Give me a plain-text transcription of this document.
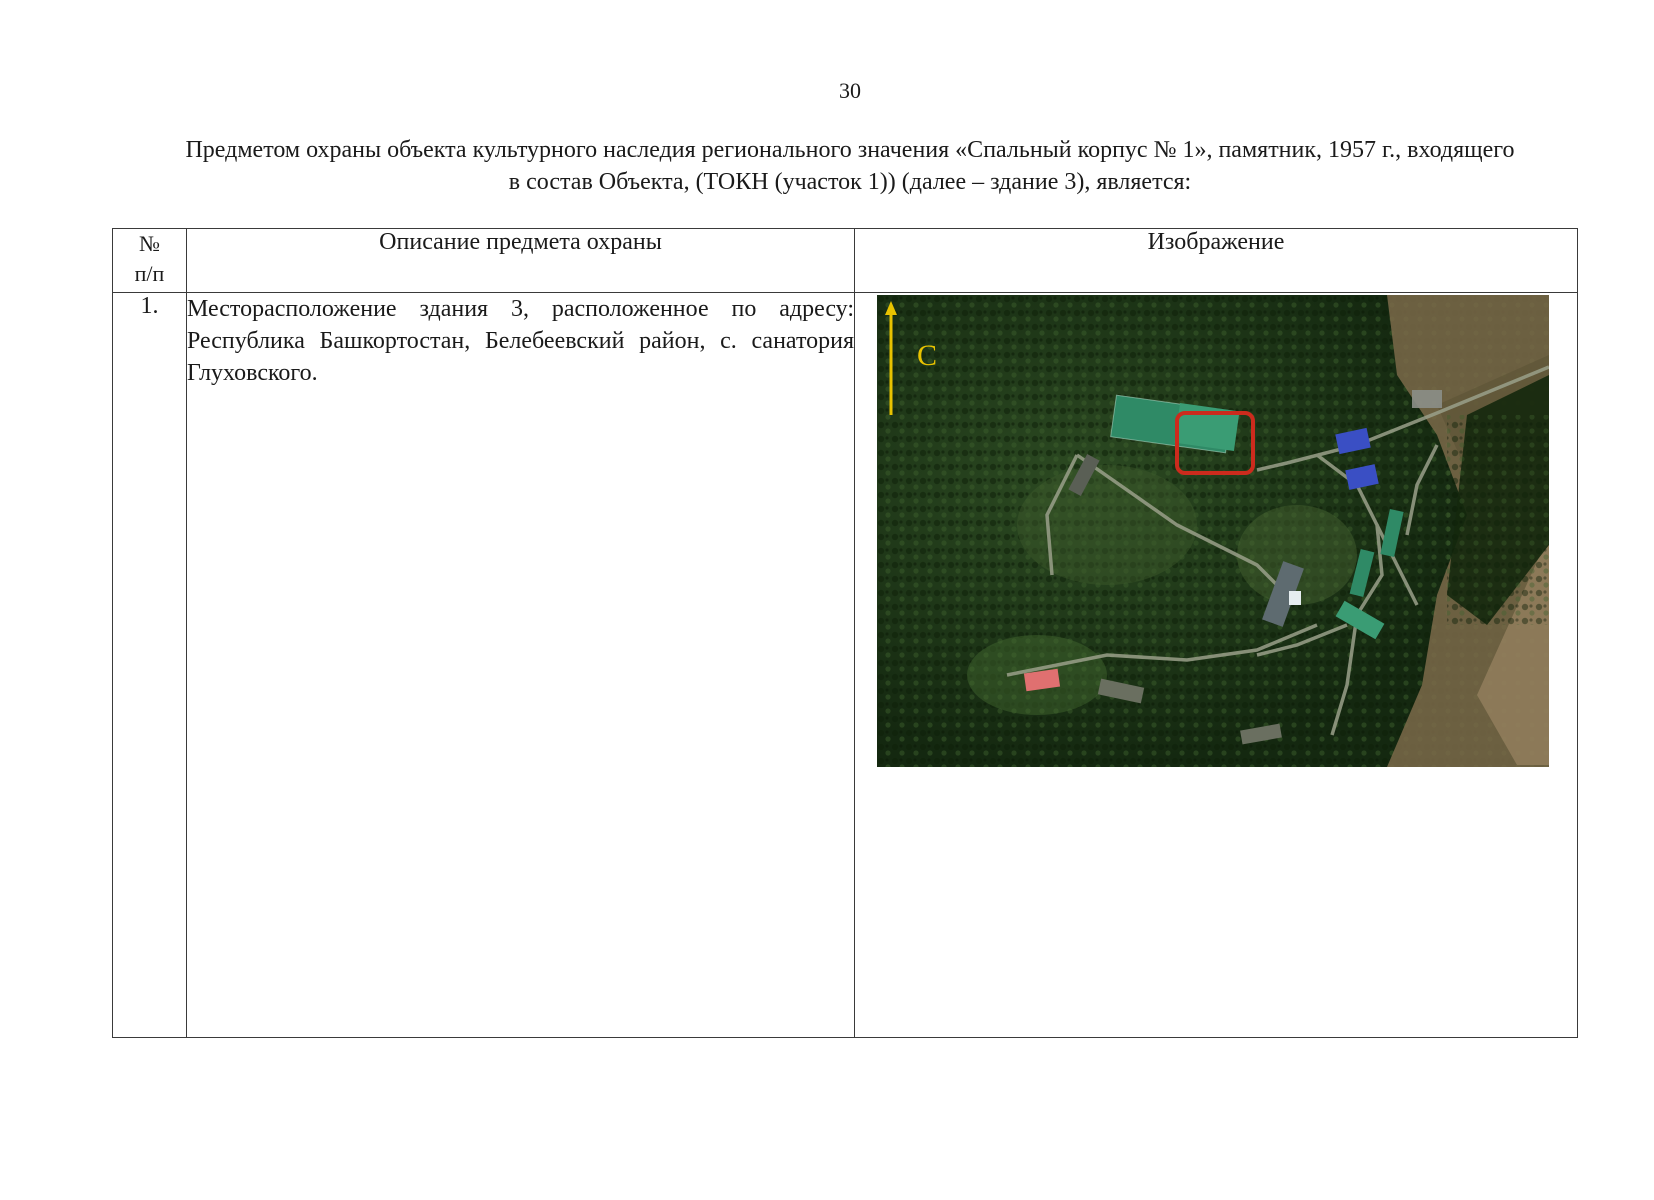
30
Предметом охраны объекта культурного наследия регионального значения «Спальный корпус № 1», памятник, 1957 г., входящего в состав Объекта, (ТОКН (участок 1)) (далее – здание 3), является:
№
п/п	Описание предмета охраны	Изображение
1.	Месторасположение здания 3, расположенное по адресу: Республика Башкортостан, Белебеевский район, с. санатория Глуховского.	С
